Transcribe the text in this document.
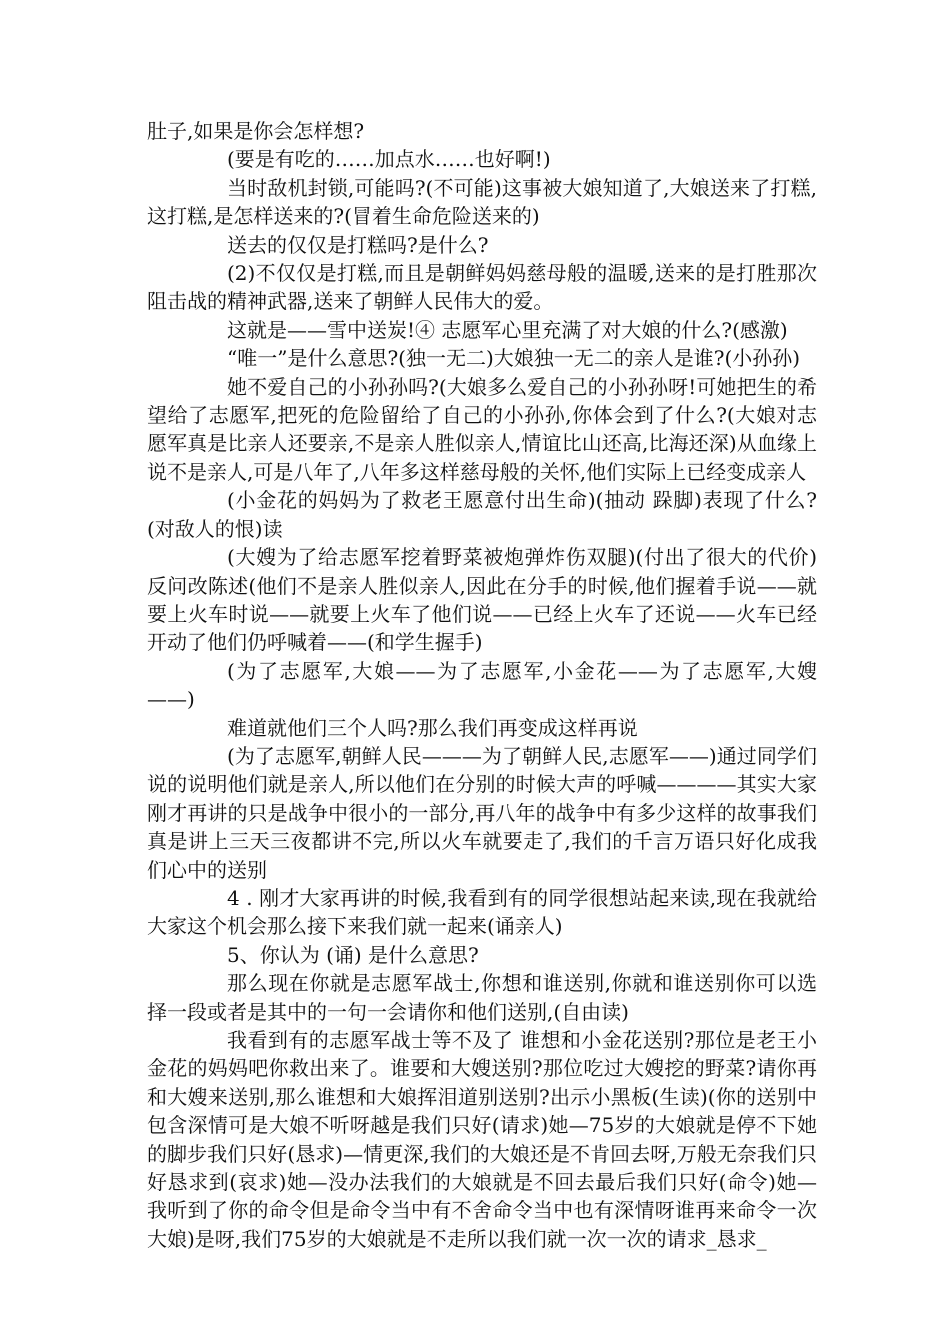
肚子,如果是你会怎样想?

(要是有吃的……加点水……也好啊!)

当时敌机封锁,可能吗?(不可能)这事被大娘知道了,大娘送来了打糕,这打糕,是怎样送来的?(冒着生命危险送来的)

送去的仅仅是打糕吗?是什么?

(2)不仅仅是打糕,而且是朝鲜妈妈慈母般的温暖,送来的是打胜那次阻击战的精神武器,送来了朝鲜人民伟大的爱。

这就是——雪中送炭!④ 志愿军心里充满了对大娘的什么?(感激)

“唯一”是什么意思?(独一无二)大娘独一无二的亲人是谁?(小孙孙)

她不爱自己的小孙孙吗?(大娘多么爱自己的小孙孙呀!可她把生的希望给了志愿军,把死的危险留给了自己的小孙孙,你体会到了什么?(大娘对志愿军真是比亲人还要亲,不是亲人胜似亲人,情谊比山还高,比海还深)从血缘上说不是亲人,可是八年了,八年多这样慈母般的关怀,他们实际上已经变成亲人

(小金花的妈妈为了救老王愿意付出生命)(抽动 跺脚)表现了什么?(对敌人的恨)读

(大嫂为了给志愿军挖着野菜被炮弹炸伤双腿)(付出了很大的代价)反问改陈述(他们不是亲人胜似亲人,因此在分手的时候,他们握着手说——就要上火车时说——就要上火车了他们说——已经上火车了还说——火车已经开动了他们仍呼喊着——(和学生握手)

(为了志愿军,大娘——为了志愿军,小金花——为了志愿军,大嫂——)

难道就他们三个人吗?那么我们再变成这样再说

(为了志愿军,朝鲜人民———为了朝鲜人民,志愿军——)通过同学们说的说明他们就是亲人,所以他们在分别的时候大声的呼喊————其实大家刚才再讲的只是战争中很小的一部分,再八年的战争中有多少这样的故事我们真是讲上三天三夜都讲不完,所以火车就要走了,我们的千言万语只好化成我们心中的送别

4 . 刚才大家再讲的时候,我看到有的同学很想站起来读,现在我就给大家这个机会那么接下来我们就一起来(诵亲人)

5、你认为 (诵) 是什么意思?

那么现在你就是志愿军战士,你想和谁送别,你就和谁送别你可以选择一段或者是其中的一句一会请你和他们送别,(自由读)

我看到有的志愿军战士等不及了 谁想和小金花送别?那位是老王小金花的妈妈吧你救出来了。谁要和大嫂送别?那位吃过大嫂挖的野菜?请你再和大嫂来送别,那么谁想和大娘挥泪道别送别?出示小黑板(生读)(你的送别中包含深情可是大娘不听呀越是我们只好(请求)她—75岁的大娘就是停不下她的脚步我们只好(恳求)—情更深,我们的大娘还是不肯回去呀,万般无奈我们只好恳求到(哀求)她—没办法我们的大娘就是不回去最后我们只好(命令)她—我听到了你的命令但是命令当中有不舍命令当中也有深情呀谁再来命令一次大娘)是呀,我们75岁的大娘就是不走所以我们就一次一次的请求_恳求_
